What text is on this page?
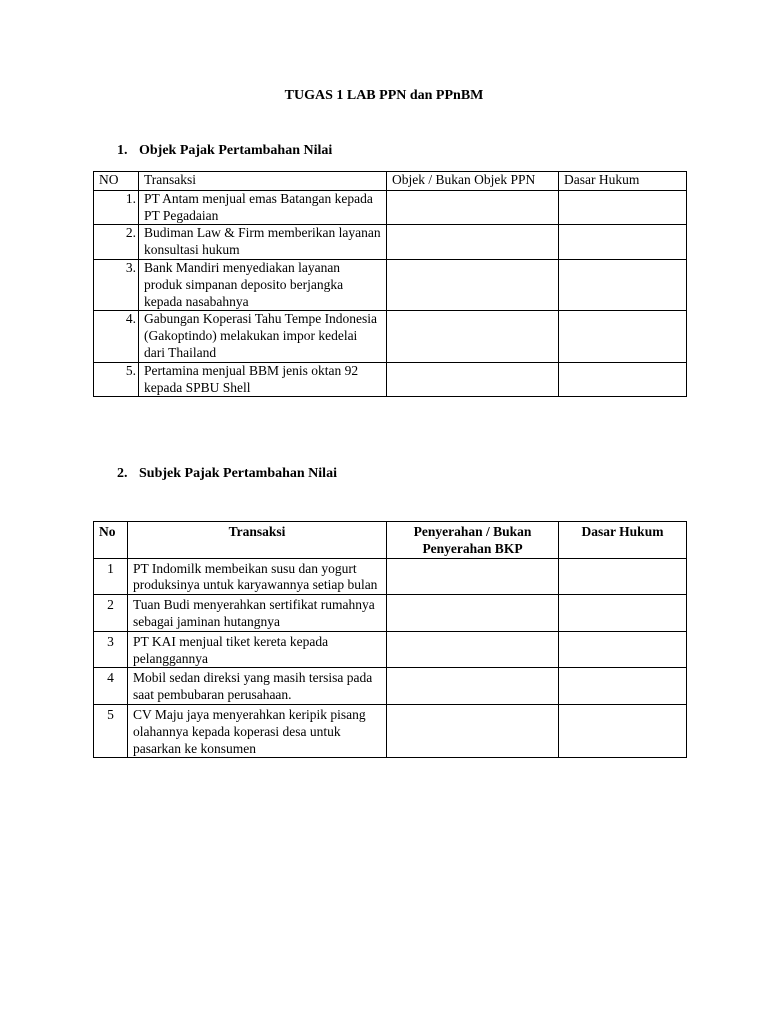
TUGAS 1 LAB PPN dan PPnBM
1. Objek Pajak Pertambahan Nilai
NO	Transaksi	Objek / Bukan Objek PPN	Dasar Hukum
1.	PT Antam menjual emas Batangan kepada PT Pegadaian		
2.	Budiman Law & Firm memberikan layanan konsultasi hukum		
3.	Bank Mandiri menyediakan layanan produk simpanan deposito berjangka kepada nasabahnya		
4.	Gabungan Koperasi Tahu Tempe Indonesia (Gakoptindo) melakukan impor kedelai dari Thailand		
5.	Pertamina menjual BBM jenis oktan 92 kepada SPBU Shell		
2. Subjek Pajak Pertambahan Nilai
No	Transaksi	Penyerahan / Bukan Penyerahan BKP	Dasar Hukum
1	PT Indomilk membeikan susu dan yogurt produksinya untuk karyawannya setiap bulan		
2	Tuan Budi menyerahkan sertifikat rumahnya sebagai jaminan hutangnya		
3	PT KAI menjual tiket kereta kepada pelanggannya		
4	Mobil sedan direksi yang masih tersisa pada saat pembubaran perusahaan.		
5	CV Maju jaya menyerahkan keripik pisang olahannya kepada koperasi desa untuk pasarkan ke konsumen		
